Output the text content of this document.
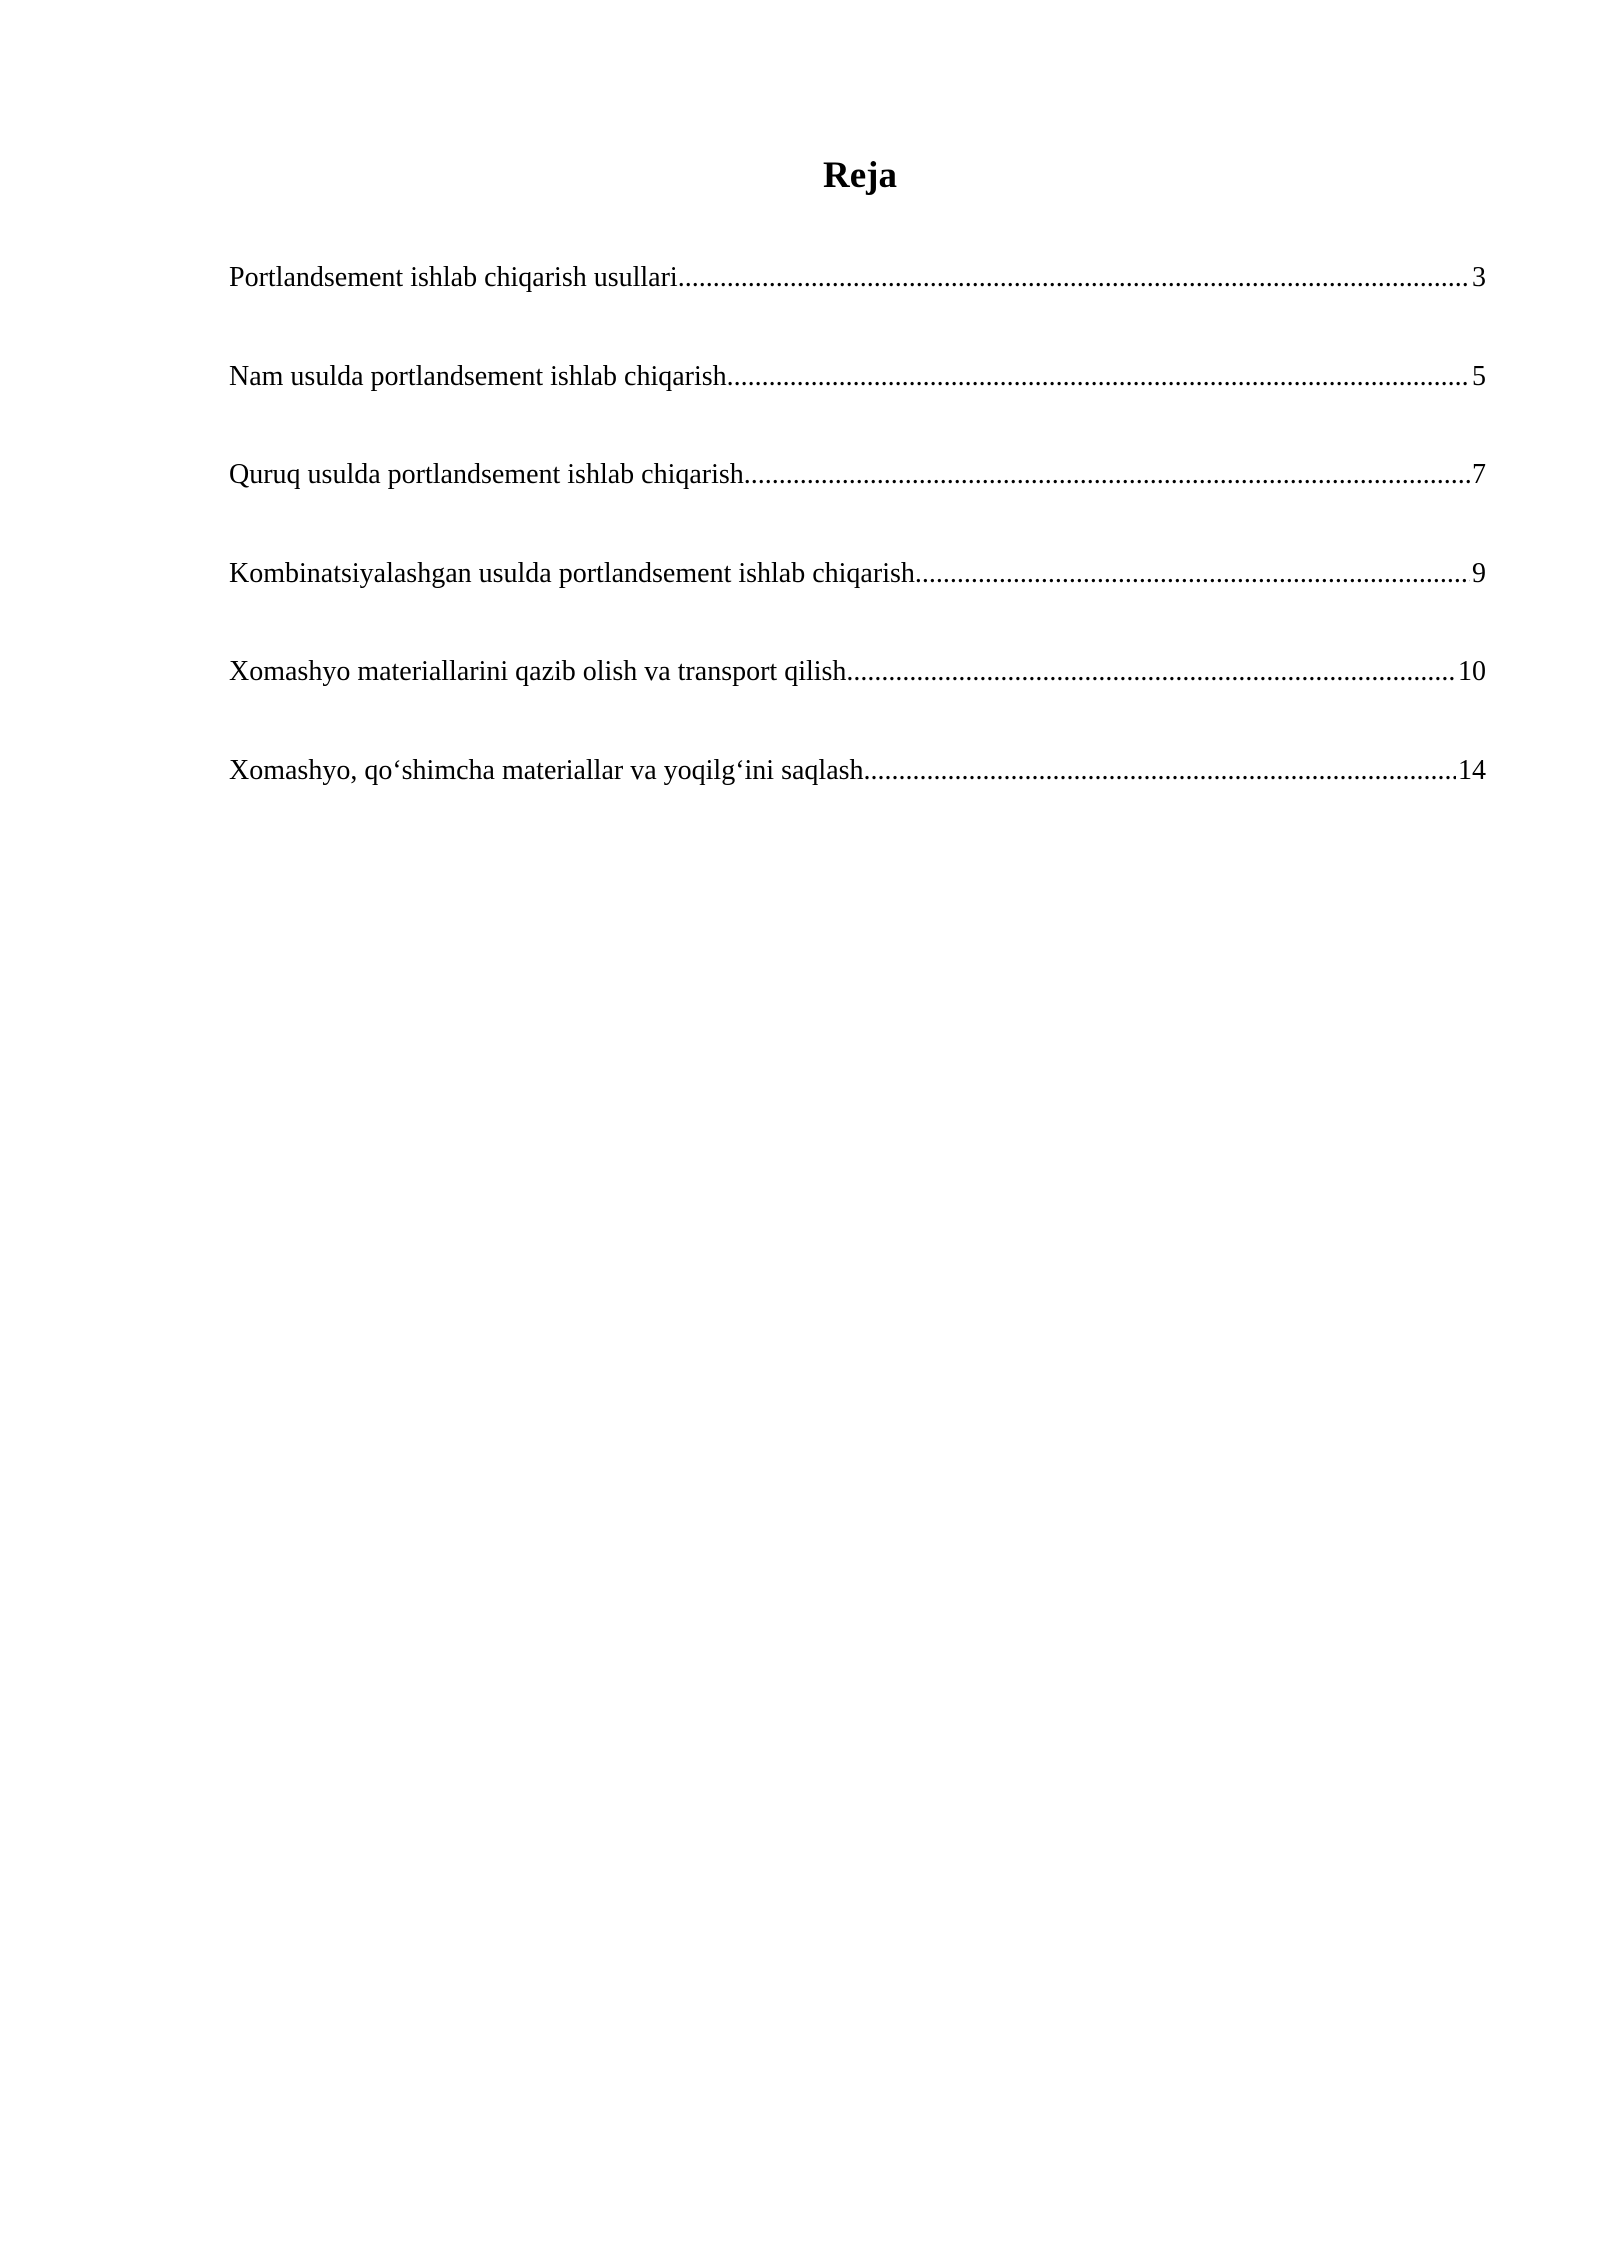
Reja
Portlandsement ishlab chiqarish usullari .....	3
Nam usulda portlandsement ishlab chiqarish .....	5
Quruq usulda portlandsement ishlab chiqarish .....	7
Kombinatsiyalashgan usulda portlandsement ishlab chiqarish .....	9
Xomashyo materiallarini qazib olish va transport qilish .....	10
Xomashyo, qo‘shimcha materiallar va yoqilg‘ini saqlash .....	14
